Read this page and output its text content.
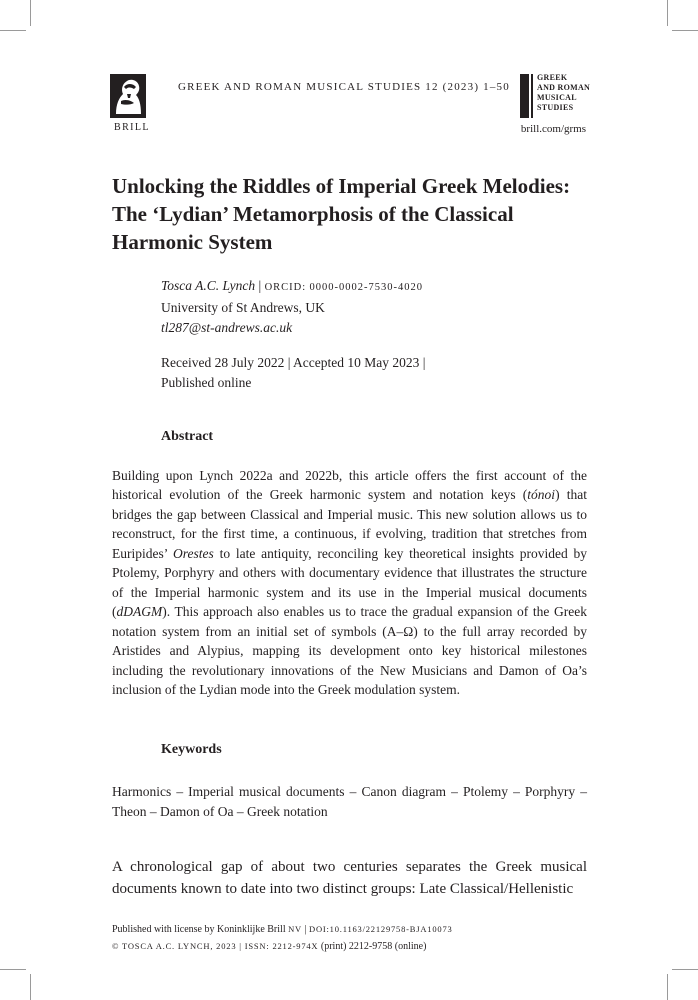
BRILL
GREEK AND ROMAN MUSICAL STUDIES 12 (2023) 1–50
GREEK
AND ROMAN
MUSICAL
STUDIES
brill.com/grms
Unlocking the Riddles of Imperial Greek Melodies:
The ‘Lydian’ Metamorphosis of the Classical
Harmonic System
Tosca A.C. Lynch | ORCID: 0000-0002-7530-4020
University of St Andrews, UK
tl287@st-andrews.ac.uk
Received 28 July 2022 | Accepted 10 May 2023 |
Published online
Abstract

Building upon Lynch 2022a and 2022b, this article offers the first account of the historical evolution of the Greek harmonic system and notation keys (tónoi) that bridges the gap between Classical and Imperial music. This new solution allows us to reconstruct, for the first time, a continuous, if evolving, tradition that stretches from Euripides’ Orestes to late antiquity, reconciling key theoretical insights provided by Ptolemy, Porphyry and others with documentary evidence that illustrates the structure of the Imperial harmonic system and its use in the Imperial musical documents (dDAGM). This approach also enables us to trace the gradual expansion of the Greek notation system from an initial set of symbols (Α–Ω) to the full array recorded by Aristides and Alypius, mapping its development onto key historical milestones including the revolutionary innovations of the New Musicians and Damon of Oa’s inclusion of the Lydian mode into the Greek modulation system.

Keywords

Harmonics – Imperial musical documents – Canon diagram – Ptolemy – Porphyry – Theon – Damon of Oa – Greek notation

A chronological gap of about two centuries separates the Greek musical documents known to date into two distinct groups: Late Classical/Hellenistic

Published with license by Koninklijke Brill NV | DOI:10.1163/22129758-BJA10073
© TOSCA A.C. LYNCH, 2023 | ISSN: 2212-974X (print) 2212-9758 (online)
